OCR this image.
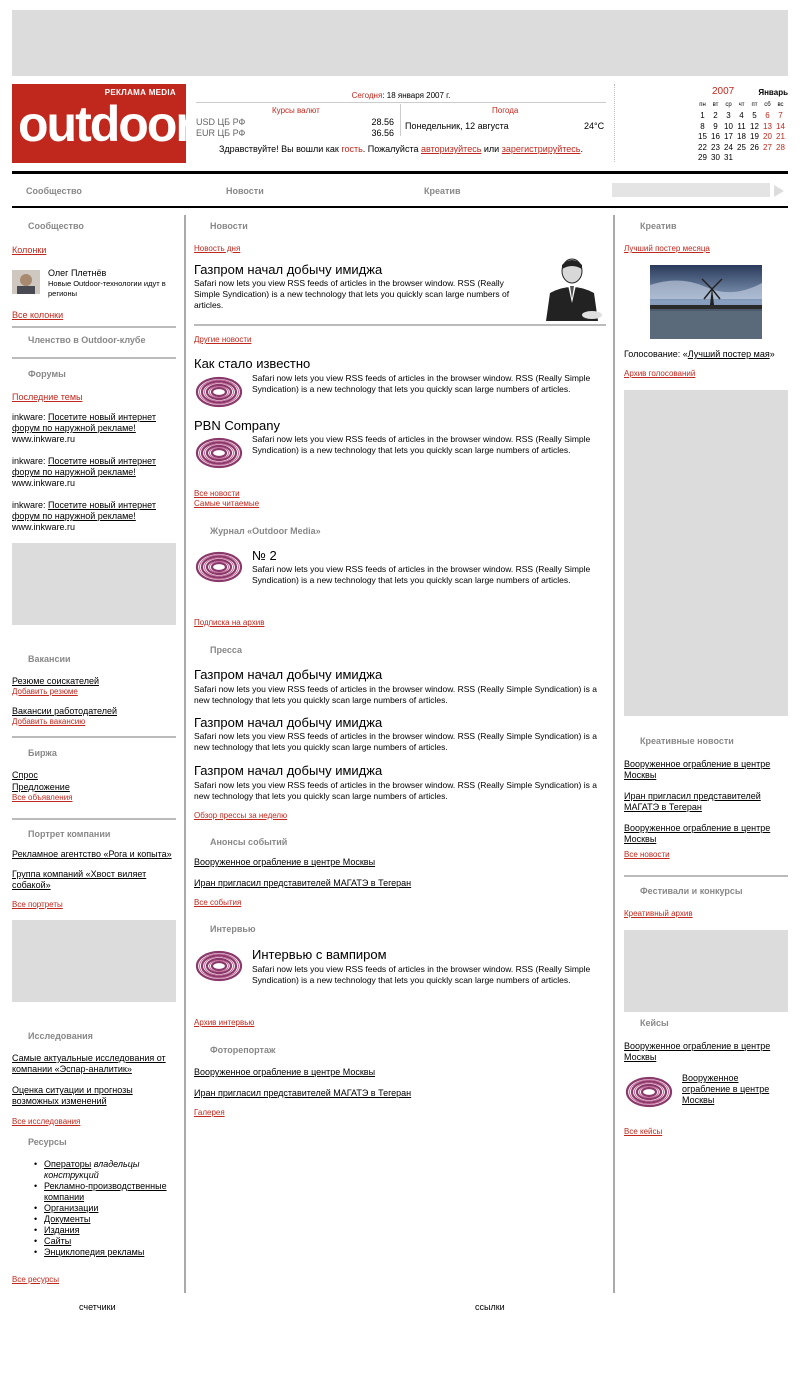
РЕКЛАМА MEDIA
outdoor
Сегодня: 18 января 2007 г.
Курсы валют	Погода
USD ЦБ РФ	28.56
EUR ЦБ РФ	36.56
Понедельник, 12 августа	24°C
Здравствуйте! Вы вошли как гость. Пожалуйста авторизуйтесь или зарегистрируйтесь.
2007	Январь
пн	вт	ср	чт	пт	сб	вс
1	2	3	4	5	6	7
8	9	10	11	12	13	14
15	16	17	18	19	20	21
22	23	24	25	26	27	28
29	30	31				
Сообщество	Новости	Креатив
Сообщество
Колонки
Олег Плетнёв
Новые Outdoor-технологии идут в регионы
Все колонки
Членство в Outdoor-клубе
Форумы
Последние темы
inkware: Посетите новый интернет форум по наружной рекламе!
www.inkware.ru
inkware: Посетите новый интернет форум по наружной рекламе!
www.inkware.ru
inkware: Посетите новый интернет форум по наружной рекламе!
www.inkware.ru
Вакансии
Резюме соискателей
Добавить резюме
Вакансии работодателей
Добавить вакансию
Биржа
Спрос
Предложение
Все объявления
Портрет компании
Рекламное агентство «Рога и копыта»
Группа компаний «Хвост виляет собакой»
Все портреты
Исследования
Самые актуальные исследования от компании «Эспар-аналитик»
Оценка ситуации и прогнозы возможных изменений
Все исследования
Ресурсы
• Операторы владельцы конструкций
• Рекламно-производственные компании
• Организации
• Документы
• Издания
• Сайты
• Энциклопедия рекламы
Все ресурсы
Новости
Новость дня
Газпром начал добычу имиджа
Safari now lets you view RSS feeds of articles in the browser window. RSS (Really Simple Syndication) is a new technology that lets you quickly scan large numbers of articles.
Другие новости
Как стало известно
Safari now lets you view RSS feeds of articles in the browser window. RSS (Really Simple Syndication) is a new technology that lets you quickly scan large numbers of articles.
PBN Company
Safari now lets you view RSS feeds of articles in the browser window. RSS (Really Simple Syndication) is a new technology that lets you quickly scan large numbers of articles.
Все новости
Самые читаемые
Журнал «Outdoor Media»
№ 2
Safari now lets you view RSS feeds of articles in the browser window. RSS (Really Simple Syndication) is a new technology that lets you quickly scan large numbers of articles.
Подписка на архив
Пресса
Газпром начал добычу имиджа
Safari now lets you view RSS feeds of articles in the browser window. RSS (Really Simple Syndication) is a new technology that lets you quickly scan large numbers of articles.
Газпром начал добычу имиджа
Safari now lets you view RSS feeds of articles in the browser window. RSS (Really Simple Syndication) is a new technology that lets you quickly scan large numbers of articles.
Газпром начал добычу имиджа
Safari now lets you view RSS feeds of articles in the browser window. RSS (Really Simple Syndication) is a new technology that lets you quickly scan large numbers of articles.
Обзор прессы за неделю
Анонсы событий
Вооруженное ограбление в центре Москвы
Иран пригласил представителей МАГАТЭ в Тегеран
Все события
Интервью
Интервью с вампиром
Safari now lets you view RSS feeds of articles in the browser window. RSS (Really Simple Syndication) is a new technology that lets you quickly scan large numbers of articles.
Архив интервью
Фоторепортаж
Вооруженное ограбление в центре Москвы
Иран пригласил представителей МАГАТЭ в Тегеран
Галерея
Креатив
Лучший постер месяца
Голосование: «Лучший постер мая»
Архив голосований
Креативные новости
Вооруженное ограбление в центре Москвы
Иран пригласил представителей МАГАТЭ в Тегеран
Вооруженное ограбление в центре Москвы
Все новости
Фестивали и конкурсы
Креативный архив
Кейсы
Вооруженное ограбление в центре Москвы
Вооруженное ограбление в центре Москвы
Все кейсы
счетчики	ссылки
